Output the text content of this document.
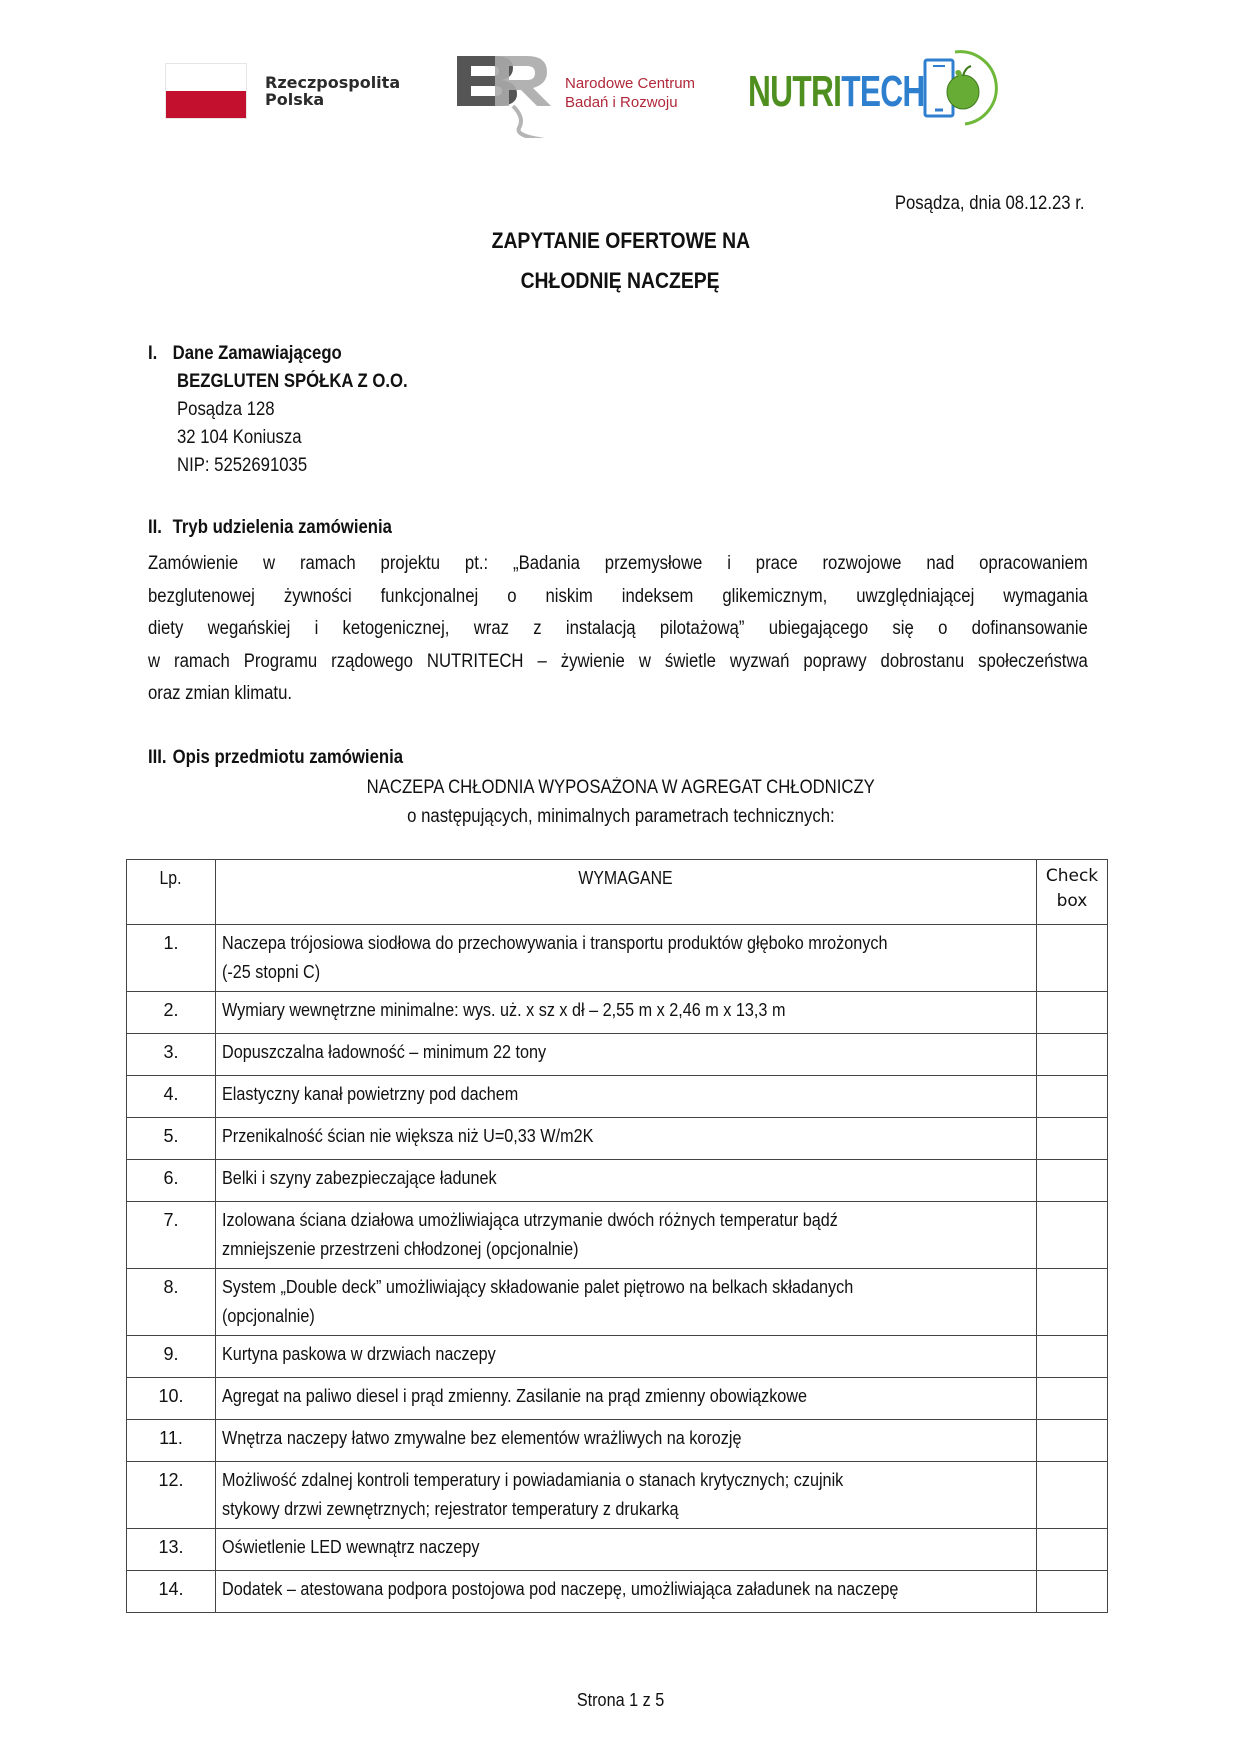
Rzeczpospolita
Polska
Narodowe Centrum
Badań i Rozwoju	NUTRITECH
Posądza, dnia 08.12.23 r.
ZAPYTANIE OFERTOWE NA
CHŁODNIĘ NACZEPĘ
I. Dane Zamawiającego
BEZGLUTEN SPÓŁKA Z O.O.
Posądza 128
32 104 Koniusza
NIP: 5252691035
II. Tryb udzielenia zamówienia
Zamówienie w ramach projektu pt.: „Badania przemysłowe i prace rozwojowe nad opracowaniem
bezglutenowej żywności funkcjonalnej o niskim indeksem glikemicznym, uwzględniającej wymagania
diety wegańskiej i ketogenicznej, wraz z instalacją pilotażową” ubiegającego się o dofinansowanie
w ramach Programu rządowego NUTRITECH – żywienie w świetle wyzwań poprawy dobrostanu społeczeństwa
oraz zmian klimatu.
III. Opis przedmiotu zamówienia
NACZEPA CHŁODNIA WYPOSAŻONA W AGREGAT CHŁODNICZY
o następujących, minimalnych parametrach technicznych:
Lp.	WYMAGANE	Check
box

1.	Naczepa trójosiowa siodłowa do przechowywania i transportu produktów głęboko mrożonych
(-25 stopni C)	

2.	Wymiary wewnętrzne minimalne: wys. uż. x sz x dł – 2,55 m x 2,46 m x 13,3 m	

3.	Dopuszczalna ładowność – minimum 22 tony	

4.	Elastyczny kanał powietrzny pod dachem	

5.	Przenikalność ścian nie większa niż U=0,33 W/m2K	

6.	Belki i szyny zabezpieczające ładunek	

7.	Izolowana ściana działowa umożliwiająca utrzymanie dwóch różnych temperatur bądź
zmniejszenie przestrzeni chłodzonej (opcjonalnie)	

8.	System „Double deck” umożliwiający składowanie palet piętrowo na belkach składanych
(opcjonalnie)	

9.	Kurtyna paskowa w drzwiach naczepy	

10.	Agregat na paliwo diesel i prąd zmienny. Zasilanie na prąd zmienny obowiązkowe	

11.	Wnętrza naczepy łatwo zmywalne bez elementów wrażliwych na korozję	

12.	Możliwość zdalnej kontroli temperatury i powiadamiania o stanach krytycznych; czujnik
stykowy drzwi zewnętrznych; rejestrator temperatury z drukarką	

13.	Oświetlenie LED wewnątrz naczepy	

14.	Dodatek – atestowana podpora postojowa pod naczepę, umożliwiająca załadunek na naczepę	

Strona 1 z 5
